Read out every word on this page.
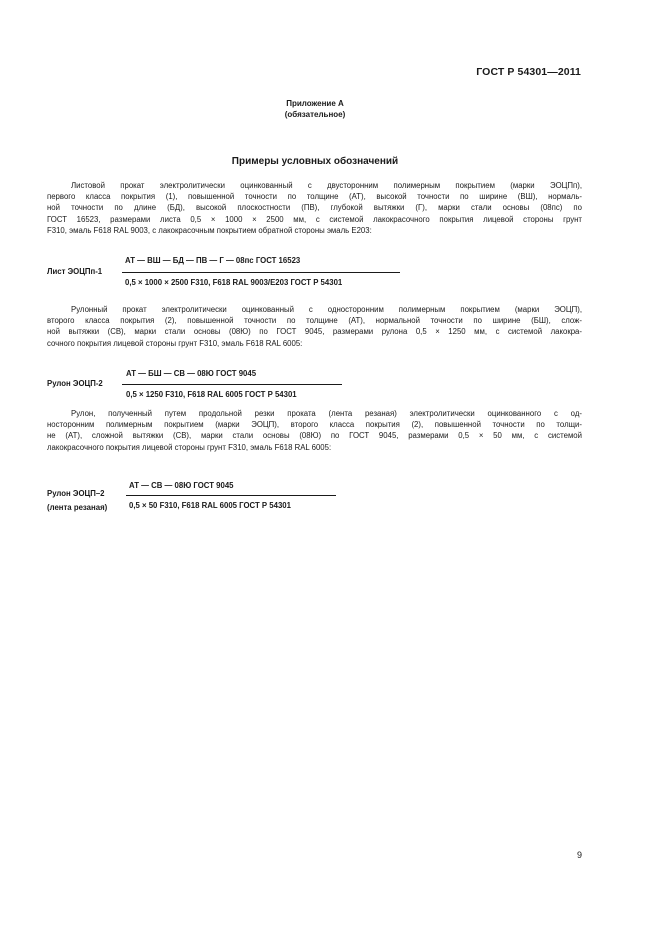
ГОСТ Р 54301—2011
Приложение А
(обязательное)
Примеры условных обозначений

Листовой прокат электролитически оцинкованный с двусторонним полимерным покрытием (марки ЭОЦПп),
первого класса покрытия (1), повышенной точности по толщине (АТ), высокой точности по ширине (ВШ), нормаль-
ной точности по длине (БД), высокой плоскостности (ПВ), глубокой вытяжки (Г), марки стали основы (08пс) по
ГОСТ 16523, размерами листа 0,5 × 1000 × 2500 мм, с системой лакокрасочного покрытия лицевой стороны грунт
F310, эмаль F618 RAL 9003, с лакокрасочным покрытием обратной стороны эмаль Е203:

Лист ЭОЦПп-1
АТ — ВШ — БД — ПВ — Г — 08пс ГОСТ 16523
0,5 × 1000 × 2500 F310, F618 RAL 9003/E203 ГОСТ Р 54301

Рулонный прокат электролитически оцинкованный с односторонним полимерным покрытием (марки ЭОЦП),
второго класса покрытия (2), повышенной точности по толщине (АТ), нормальной точности по ширине (БШ), слож-
ной вытяжки (СВ), марки стали основы (08Ю) по ГОСТ 9045, размерами рулона 0,5 × 1250 мм, с системой лакокра-
сочного покрытия лицевой стороны грунт F310, эмаль F618 RAL 6005:

Рулон ЭОЦП-2
АТ — БШ — СВ — 08Ю ГОСТ 9045
0,5 × 1250 F310, F618 RAL 6005 ГОСТ Р 54301

Рулон, полученный путем продольной резки проката (лента резаная) электролитически оцинкованного с од-
носторонним полимерным покрытием (марки ЭОЦП), второго класса покрытия (2), повышенной точности по толщи-
не (АТ), сложной вытяжки (СВ), марки стали основы (08Ю) по ГОСТ 9045, размерами 0,5 × 50 мм, с системой
лакокрасочного покрытия лицевой стороны грунт F310, эмаль F618 RAL 6005:

Рулон ЭОЦП–2
(лента резаная)
АТ — СВ — 08Ю ГОСТ 9045
0,5 × 50 F310, F618 RAL 6005 ГОСТ Р 54301
9
